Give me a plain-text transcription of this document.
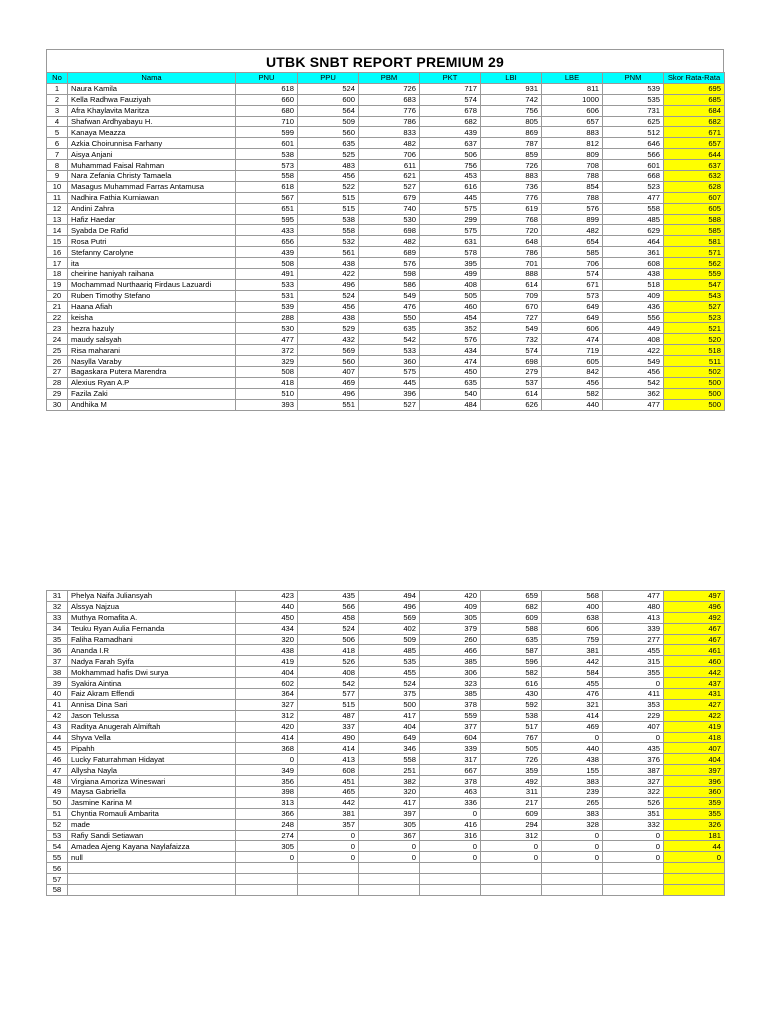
UTBK SNBT REPORT PREMIUM 29
No	Nama	PNU	PPU	PBM	PKT	LBI	LBE	PNM	Skor Rata-Rata
1	Naura Kamila	618	524	726	717	931	811	539	695
2	Kella Radhwa Fauziyah	660	600	683	574	742	1000	535	685
3	Afra Khaylavita Maritza	680	564	776	678	756	606	731	684
4	Shafwan Ardhyabayu H.	710	509	786	682	805	657	625	682
5	Kanaya Meazza	599	560	833	439	869	883	512	671
6	Azkia Choirunnisa Farhany	601	635	482	637	787	812	646	657
7	Aisya Anjani	538	525	706	506	859	809	566	644
8	Muhammad Faisal Rahman	573	483	611	756	726	708	601	637
9	Nara Zefania Christy Tamaela	558	456	621	453	883	788	668	632
10	Masagus Muhammad Farras Antamusa	618	522	527	616	736	854	523	628
11	Nadhira Fathia Kurniawan	567	515	679	445	776	788	477	607
12	Andini Zahra	651	515	740	575	619	576	558	605
13	Hafiz Haedar	595	538	530	299	768	899	485	588
14	Syabda De Rafid	433	558	698	575	720	482	629	585
15	Rosa Putri	656	532	482	631	648	654	464	581
16	Stefanny Carolyne	439	561	689	578	786	585	361	571
17	ita	508	438	576	395	701	706	608	562
18	cheirine haniyah raihana	491	422	598	499	888	574	438	559
19	Mochammad Nurthaariq Firdaus Lazuardi	533	496	586	408	614	671	518	547
20	Ruben Timothy Stefano	531	524	549	505	709	573	409	543
21	Haana Afiah	539	456	476	460	670	649	436	527
22	keisha	288	438	550	454	727	649	556	523
23	hezra hazuly	530	529	635	352	549	606	449	521
24	maudy salsyah	477	432	542	576	732	474	408	520
25	Risa maharani	372	569	533	434	574	719	422	518
26	Nasylla Varaby	329	560	360	474	698	605	549	511
27	Bagaskara Putera Marendra	508	407	575	450	279	842	456	502
28	Alexius Ryan A.P	418	469	445	635	537	456	542	500
29	Fazila Zaki	510	496	396	540	614	582	362	500
30	Andhika M	393	551	527	484	626	440	477	500
31	Phelya Naifa Juliansyah	423	435	494	420	659	568	477	497
32	Alssya Najzua	440	566	496	409	682	400	480	496
33	Muthya Romafita A.	450	458	569	305	609	638	413	492
34	Teuku Ryan Aulia Fernanda	434	524	402	379	588	606	339	467
35	Faliha Ramadhani	320	506	509	260	635	759	277	467
36	Ananda I.R	438	418	485	466	587	381	455	461
37	Nadya Farah Syifa	419	526	535	385	596	442	315	460
38	Mokhammad hafis Dwi surya	404	408	455	306	582	584	355	442
39	Syakira Aintina	602	542	524	323	616	455	0	437
40	Faiz Akram Effendi	364	577	375	385	430	476	411	431
41	Annisa Dina Sari	327	515	500	378	592	321	353	427
42	Jason Telussa	312	487	417	559	538	414	229	422
43	Raditya Anugerah Almiftah	420	337	404	377	517	469	407	419
44	Shyva Vella	414	490	649	604	767	0	0	418
45	Pipahh	368	414	346	339	505	440	435	407
46	Lucky Faturrahman Hidayat	0	413	558	317	726	438	376	404
47	Allysha Nayla	349	608	251	667	359	155	387	397
48	Virgiana Amoriza Wineswari	356	451	382	378	492	383	327	396
49	Maysa Gabriella	398	465	320	463	311	239	322	360
50	Jasmine Karina M	313	442	417	336	217	265	526	359
51	Chyntia Romauli Ambarita	366	381	397	0	609	383	351	355
52	made	248	357	305	416	294	328	332	326
53	Rafiy Sandi Setiawan	274	0	367	316	312	0	0	181
54	Amadea Ajeng Kayana Naylafaizza	305	0	0	0	0	0	0	44
55	null	0	0	0	0	0	0	0	0
56									
57									
58									
